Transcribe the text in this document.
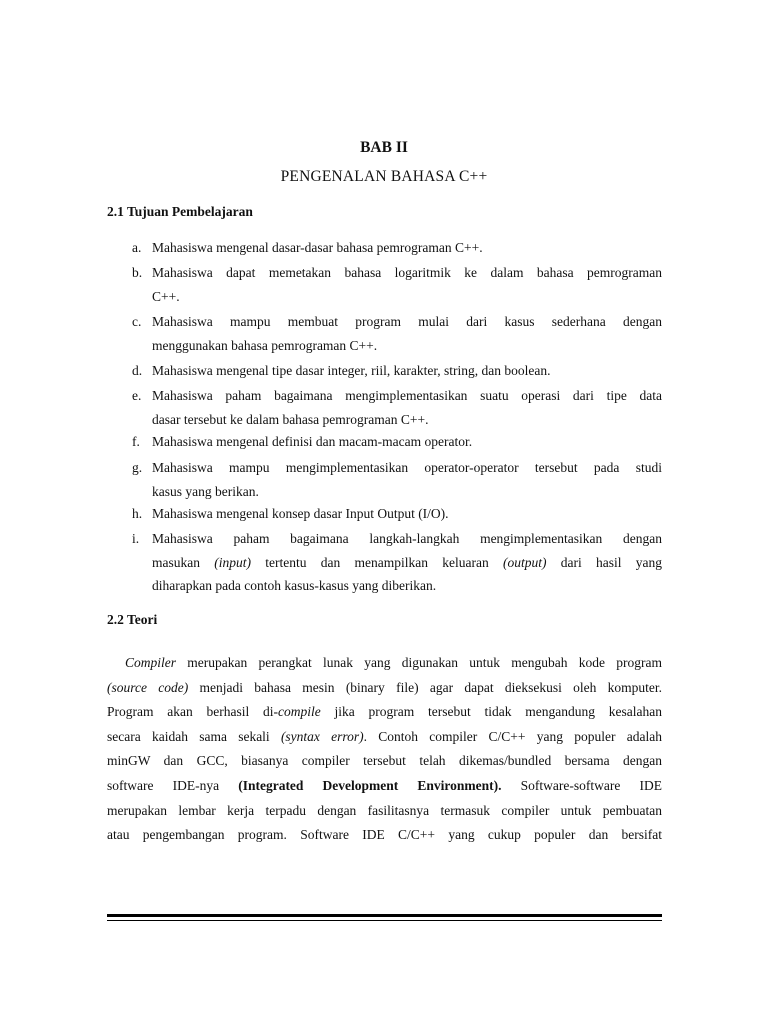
BAB II
PENGENALAN BAHASA C++
2.1 Tujuan Pembelajaran
a. Mahasiswa mengenal dasar-dasar bahasa pemrograman C++.
b. Mahasiswa dapat memetakan bahasa logaritmik ke dalam bahasa pemrograman
C++.
c. Mahasiswa mampu membuat program mulai dari kasus sederhana dengan
menggunakan bahasa pemrograman C++.
d. Mahasiswa mengenal tipe dasar integer, riil, karakter, string, dan boolean.
e. Mahasiswa paham bagaimana mengimplementasikan suatu operasi dari tipe data
dasar tersebut ke dalam bahasa pemrograman C++.
f. Mahasiswa mengenal definisi dan macam-macam operator.
g. Mahasiswa mampu mengimplementasikan operator-operator tersebut pada studi
kasus yang berikan.
h. Mahasiswa mengenal konsep dasar Input Output (I/O).
i. Mahasiswa paham bagaimana langkah-langkah mengimplementasikan dengan
masukan (input) tertentu dan menampilkan keluaran (output) dari hasil yang
diharapkan pada contoh kasus-kasus yang diberikan.
2.2 Teori
Compiler merupakan perangkat lunak yang digunakan untuk mengubah kode program
(source code) menjadi bahasa mesin (binary file) agar dapat dieksekusi oleh komputer.
Program akan berhasil di-compile jika program tersebut tidak mengandung kesalahan
secara kaidah sama sekali (syntax error). Contoh compiler C/C++ yang populer adalah
minGW dan GCC, biasanya compiler tersebut telah dikemas/bundled bersama dengan
software IDE-nya (Integrated Development Environment). Software-software IDE
merupakan lembar kerja terpadu dengan fasilitasnya termasuk compiler untuk pembuatan
atau pengembangan program. Software IDE C/C++ yang cukup populer dan bersifat
